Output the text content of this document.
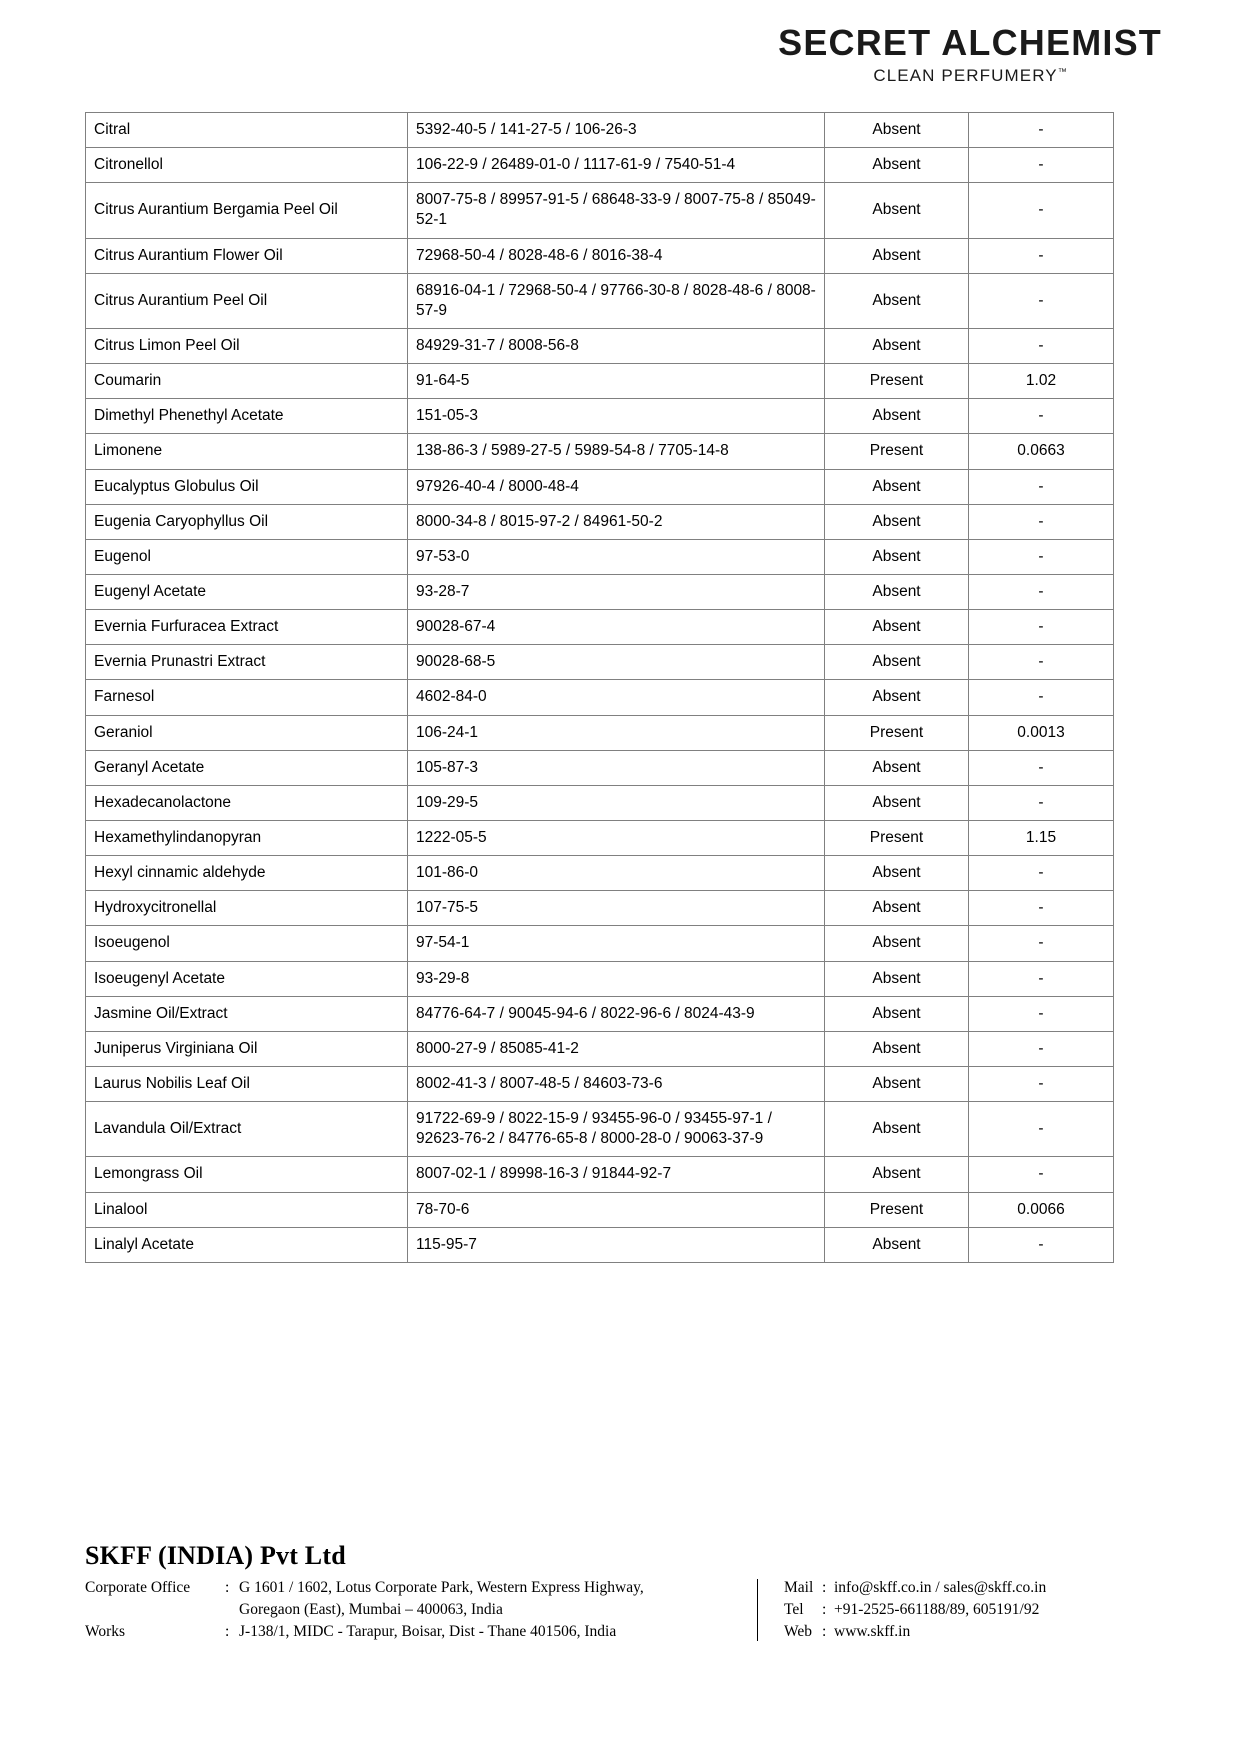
SECRET ALCHEMIST
CLEAN PERFUMERY™
Citral	5392-40-5 / 141-27-5 / 106-26-3	Absent	-
Citronellol	106-22-9 / 26489-01-0 / 1117-61-9 / 7540-51-4	Absent	-
Citrus Aurantium Bergamia Peel Oil	8007-75-8 / 89957-91-5 / 68648-33-9 / 8007-75-8 / 85049-52-1	Absent	-
Citrus Aurantium Flower Oil	72968-50-4 / 8028-48-6 / 8016-38-4	Absent	-
Citrus Aurantium Peel Oil	68916-04-1 / 72968-50-4 / 97766-30-8 / 8028-48-6 / 8008-57-9	Absent	-
Citrus Limon Peel Oil	84929-31-7 / 8008-56-8	Absent	-
Coumarin	91-64-5	Present	1.02
Dimethyl Phenethyl Acetate	151-05-3	Absent	-
Limonene	138-86-3 / 5989-27-5 / 5989-54-8 / 7705-14-8	Present	0.0663
Eucalyptus Globulus Oil	97926-40-4 / 8000-48-4	Absent	-
Eugenia Caryophyllus Oil	8000-34-8 / 8015-97-2 / 84961-50-2	Absent	-
Eugenol	97-53-0	Absent	-
Eugenyl Acetate	93-28-7	Absent	-
Evernia Furfuracea Extract	90028-67-4	Absent	-
Evernia Prunastri Extract	90028-68-5	Absent	-
Farnesol	4602-84-0	Absent	-
Geraniol	106-24-1	Present	0.0013
Geranyl Acetate	105-87-3	Absent	-
Hexadecanolactone	109-29-5	Absent	-
Hexamethylindanopyran	1222-05-5	Present	1.15
Hexyl cinnamic aldehyde	101-86-0	Absent	-
Hydroxycitronellal	107-75-5	Absent	-
Isoeugenol	97-54-1	Absent	-
Isoeugenyl Acetate	93-29-8	Absent	-
Jasmine Oil/Extract	84776-64-7 / 90045-94-6 / 8022-96-6 / 8024-43-9	Absent	-
Juniperus Virginiana Oil	8000-27-9 / 85085-41-2	Absent	-
Laurus Nobilis Leaf Oil	8002-41-3 / 8007-48-5 / 84603-73-6	Absent	-
Lavandula Oil/Extract	91722-69-9 / 8022-15-9 / 93455-96-0 / 93455-97-1 / 92623-76-2 / 84776-65-8 / 8000-28-0 / 90063-37-9	Absent	-
Lemongrass Oil	8007-02-1 / 89998-16-3 / 91844-92-7	Absent	-
Linalool	78-70-6	Present	0.0066
Linalyl Acetate	115-95-7	Absent	-
SKFF (INDIA) Pvt Ltd
Corporate Office	: G 1601 / 1602, Lotus Corporate Park, Western Express Highway,
Goregaon (East), Mumbai – 400063, India
Works	: J-138/1, MIDC - Tarapur, Boisar, Dist - Thane 401506, India
Mail : info@skff.co.in / sales@skff.co.in
Tel	: +91-2525-661188/89, 605191/92
Web : www.skff.in
